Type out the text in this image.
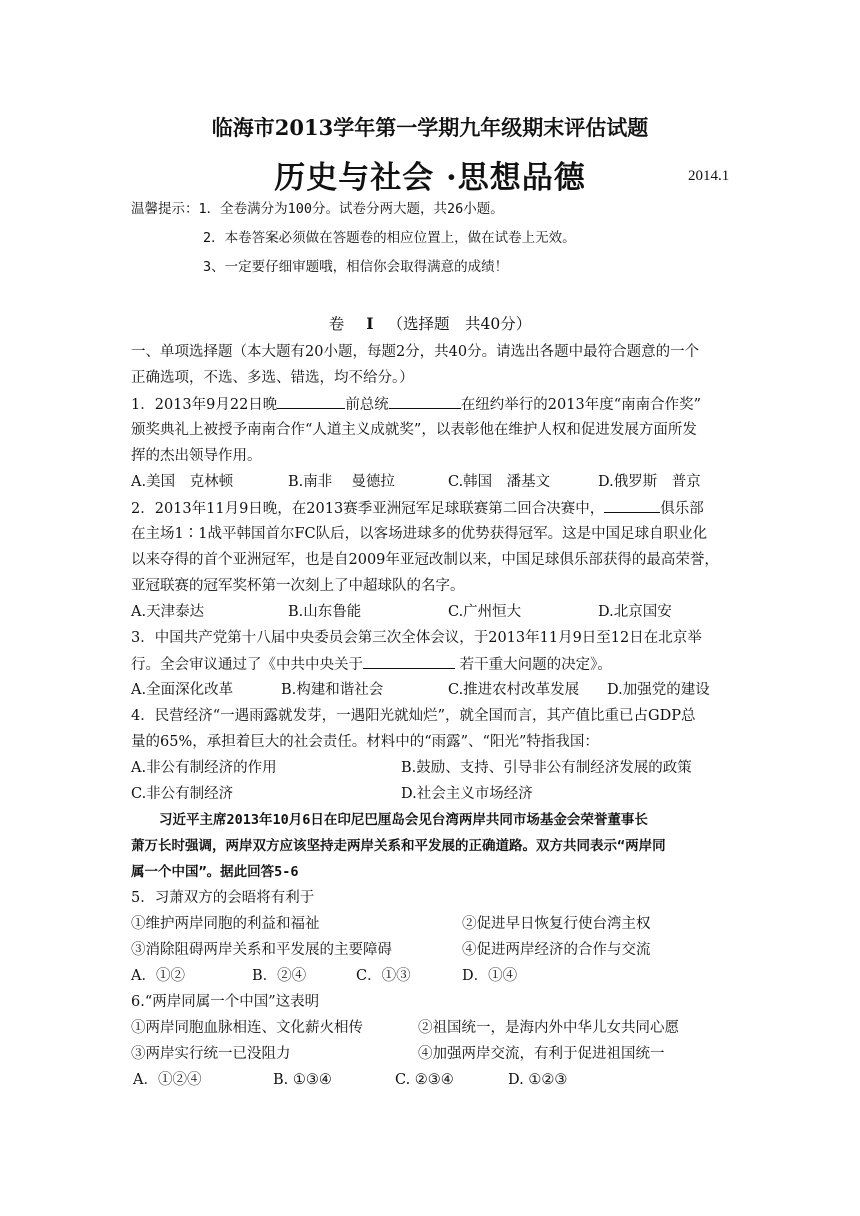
临海市2013学年第一学期九年级期末评估试题
历史与社会 ·思想品德	2014.1
温馨提示：1．全卷满分为100分。试卷分两大题，共26小题。
2．本卷答案必须做在答题卷的相应位置上，做在试卷上无效。
3、一定要仔细审题哦，相信你会取得满意的成绩！
卷 Ⅰ （选择题　共40分）
一、单项选择题（本大题有20小题，每题2分，共40分。请选出各题中最符合题意的一个
正确选项，不选、多选、错选，均不给分。）
1．2013年9月22日晚	前总统	在纽约举行的2013年度“南南合作奖”
颁奖典礼上被授予南南合作“人道主义成就奖”，以表彰他在维护人权和促进发展方面所发
挥的杰出领导作用。
A.美国　克林顿	B.南非　 曼德拉	C.韩国　潘基文	D.俄罗斯　普京
2．2013年11月9日晚，在2013赛季亚洲冠军足球联赛第二回合决赛中，	俱乐部
在主场1∶1战平韩国首尔FC队后，以客场进球多的优势获得冠军。这是中国足球自职业化
以来夺得的首个亚洲冠军，也是自2009年亚冠改制以来，中国足球俱乐部获得的最高荣誉，
亚冠联赛的冠军奖杯第一次刻上了中超球队的名字。
A.天津泰达	B.山东鲁能	C.广州恒大	D.北京国安
3．中国共产党第十八届中央委员会第三次全体会议，于2013年11月9日至12日在北京举
行。全会审议通过了《中共中央关于	若干重大问题的决定》。
A.全面深化改革	B.构建和谐社会	C.推进农村改革发展 D.加强党的建设
4．民营经济“一遇雨露就发芽，一遇阳光就灿烂”，就全国而言，其产值比重已占GDP总
量的65%，承担着巨大的社会责任。材料中的“雨露”、“阳光”特指我国：
A.非公有制经济的作用	B.鼓励、支持、引导非公有制经济发展的政策
C.非公有制经济	D.社会主义市场经济
习近平主席2013年10月6日在印尼巴厘岛会见台湾两岸共同市场基金会荣誉董事长
萧万长时强调，两岸双方应该坚持走两岸关系和平发展的正确道路。双方共同表示“两岸同
属一个中国”。据此回答5-6
5．习萧双方的会晤将有利于
①维护两岸同胞的利益和福祉	②促进早日恢复行使台湾主权
③消除阻碍两岸关系和平发展的主要障碍	④促进两岸经济的合作与交流
A．①②	B．②④	C．①③	D．①④
6.“两岸同属一个中国”这表明
①两岸同胞血脉相连、文化薪火相传	②祖国统一，是海内外中华儿女共同心愿
③两岸实行统一已没阻力	④加强两岸交流，有利于促进祖国统一
A．①②④	B. ①③④	C. ②③④	D. ①②③
